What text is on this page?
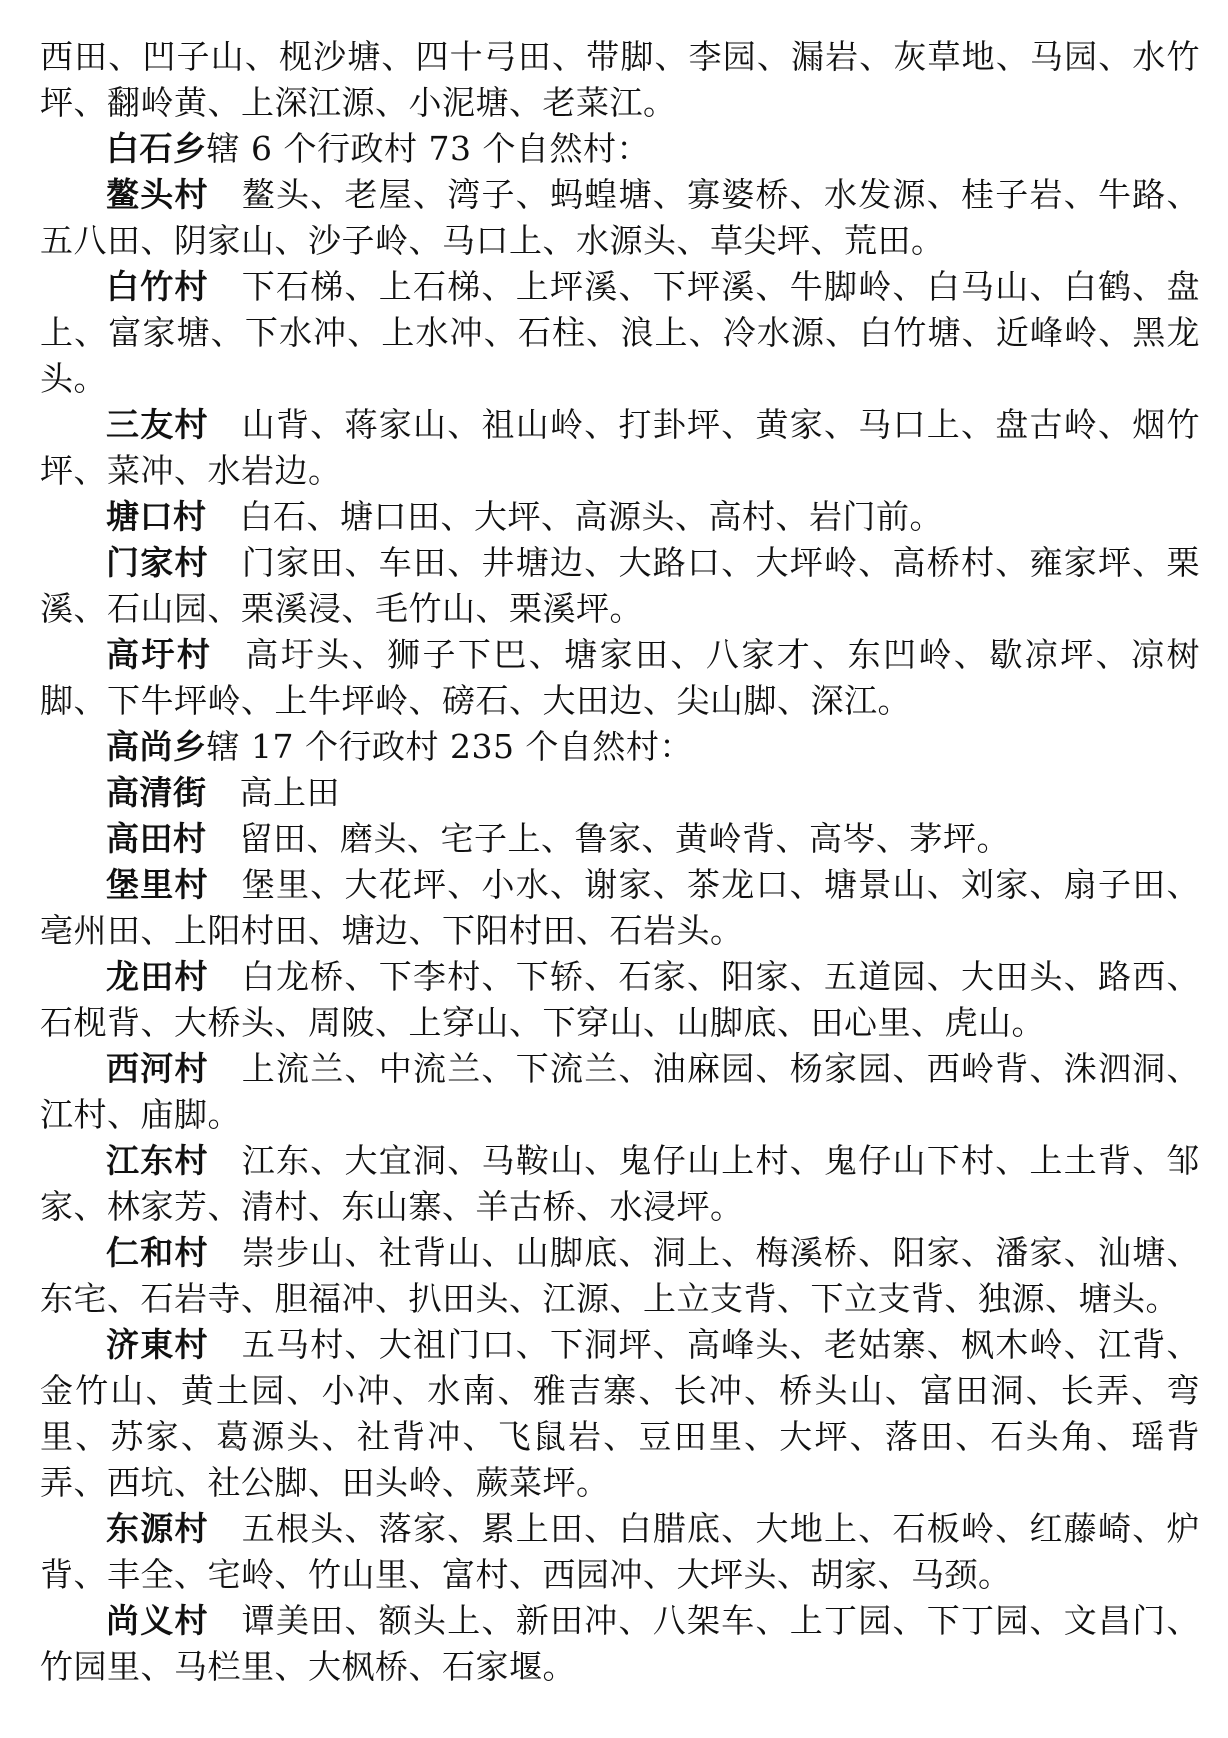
西田、凹子山、枧沙塘、四十弓田、带脚、李园、漏岩、灰草地、马园、水竹坪、翻岭黄、上深江源、小泥塘、老菜江。

白石乡辖 6 个行政村 73 个自然村：

鳌头村 鳌头、老屋、湾子、蚂蝗塘、寡婆桥、水发源、桂子岩、牛路、五八田、阴家山、沙子岭、马口上、水源头、草尖坪、荒田。

白竹村 下石梯、上石梯、上坪溪、下坪溪、牛脚岭、白马山、白鹤、盘上、富家塘、下水冲、上水冲、石柱、浪上、冷水源、白竹塘、近峰岭、黑龙头。

三友村 山背、蒋家山、祖山岭、打卦坪、黄家、马口上、盘古岭、烟竹坪、菜冲、水岩边。

塘口村 白石、塘口田、大坪、高源头、高村、岩门前。

门家村 门家田、车田、井塘边、大路口、大坪岭、高桥村、雍家坪、栗溪、石山园、栗溪浸、毛竹山、栗溪坪。

高圩村 高圩头、狮子下巴、塘家田、八家才、东凹岭、歇凉坪、凉树脚、下牛坪岭、上牛坪岭、磅石、大田边、尖山脚、深江。

高尚乡辖 17 个行政村 235 个自然村：

高清街 高上田

高田村 留田、磨头、宅子上、鲁家、黄岭背、高岑、茅坪。

堡里村 堡里、大花坪、小水、谢家、茶龙口、塘景山、刘家、扇子田、亳州田、上阳村田、塘边、下阳村田、石岩头。

龙田村 白龙桥、下李村、下轿、石家、阳家、五道园、大田头、路西、石枧背、大桥头、周陂、上穿山、下穿山、山脚底、田心里、虎山。

西河村 上流兰、中流兰、下流兰、油麻园、杨家园、西岭背、洙泗洞、江村、庙脚。

江东村 江东、大宜洞、马鞍山、鬼仔山上村、鬼仔山下村、上土背、邹家、林家芳、清村、东山寨、羊古桥、水浸坪。

仁和村 崇步山、社背山、山脚底、洞上、梅溪桥、阳家、潘家、汕塘、东宅、石岩寺、胆福冲、扒田头、江源、上立支背、下立支背、独源、塘头。

济東村 五马村、大祖门口、下洞坪、高峰头、老姑寨、枫木岭、江背、金竹山、黄土园、小冲、水南、雅吉寨、长冲、桥头山、富田洞、长弄、弯里、苏家、葛源头、社背冲、飞鼠岩、豆田里、大坪、落田、石头角、瑶背弄、西坑、社公脚、田头岭、蕨菜坪。

东源村 五根头、落家、累上田、白腊底、大地上、石板岭、红藤崎、炉背、丰全、宅岭、竹山里、富村、西园冲、大坪头、胡家、马颈。

尚义村 谭美田、额头上、新田冲、八架车、上丁园、下丁园、文昌门、竹园里、马栏里、大枫桥、石家堰。
